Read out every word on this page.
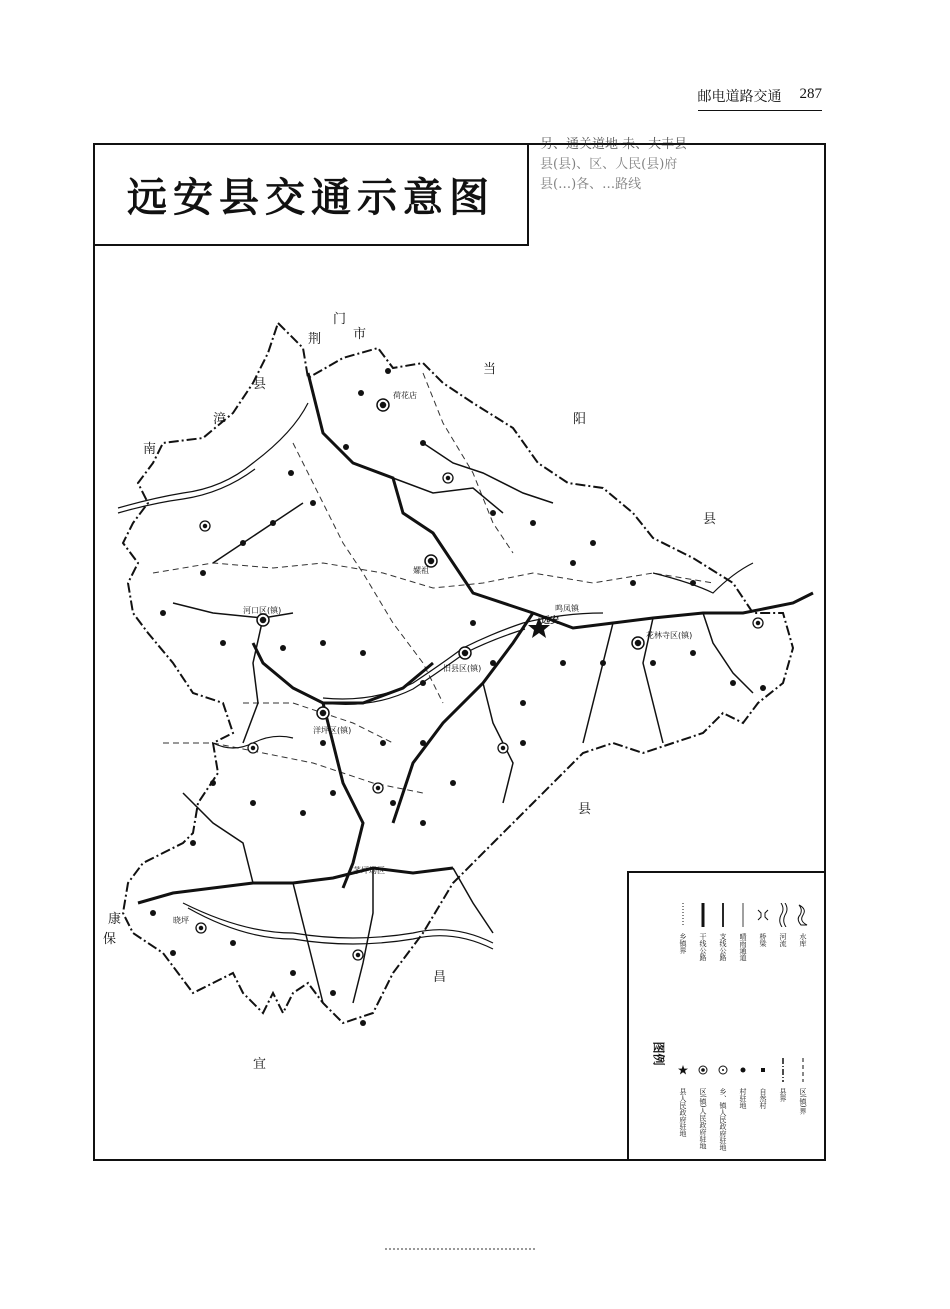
邮电道路交通 287
荆
门
市
当
阳
县
保
康
南
漳
县
宜
昌
县
远安
鸣凤镇
洋坪区(镇)
旧县区(镇)
花林寺区(镇)
河口区(镇)
荷花店
茅坪场区
晓坪
嫘祖
远安县交通示意图
另、通关道地·未、大丰县
县(县)、区、人民(县)府
县(…)各、…路线
图例
县人民政府驻地 区(镇)人民政府驻地 乡、镇人民政府驻地 村驻地 自然村 县界 区(镇)界
乡镇界 干线公路 支线公路 晴雨通道 桥梁 河流 水库
